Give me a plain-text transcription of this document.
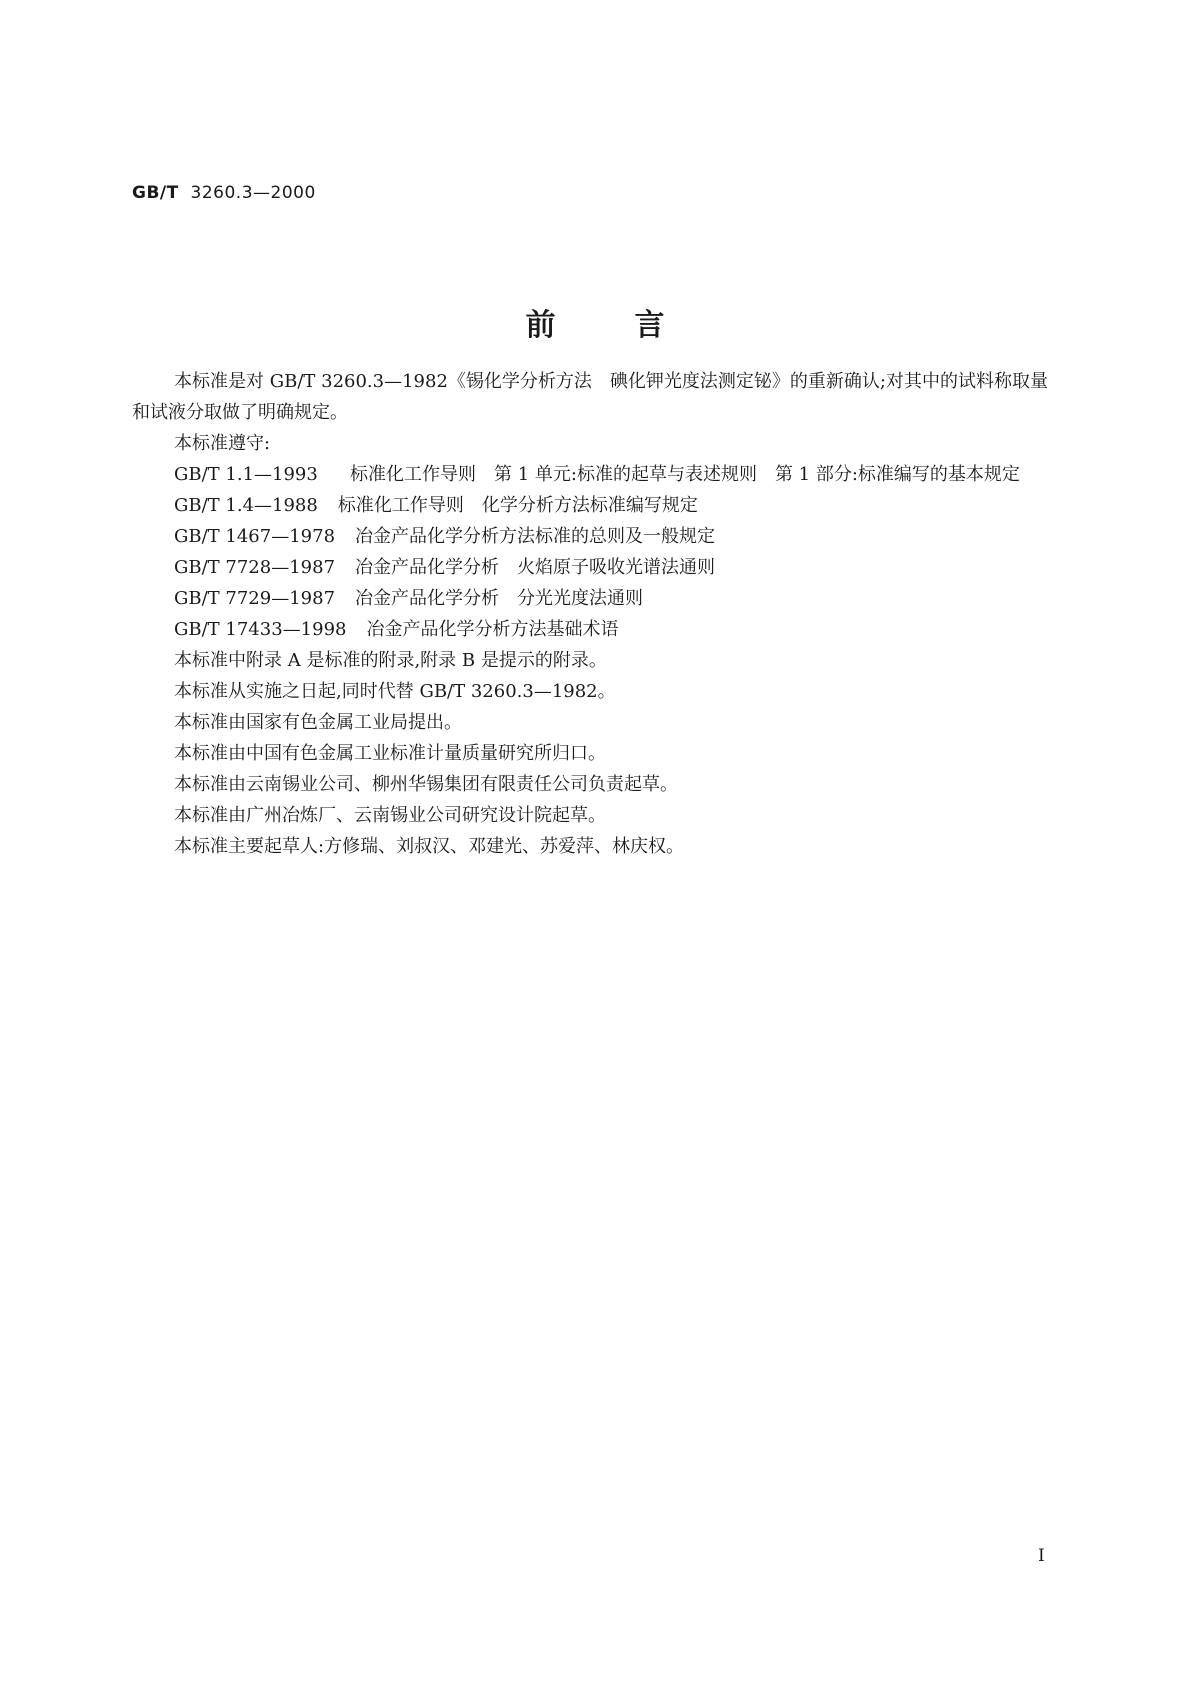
GB/T 3260.3—2000
前	言

本标准是对 GB/T 3260.3—1982《锡化学分析方法　碘化钾光度法测定铋》的重新确认;对其中的试料称取量和试液分取做了明确规定。

本标准遵守:

GB/T 1.1—1993	标准化工作导则　第 1 单元:标准的起草与表述规则　第 1 部分:标准编写的基本规定

GB/T 1.4—1988 标准化工作导则　化学分析方法标准编写规定

GB/T 1467—1978 冶金产品化学分析方法标准的总则及一般规定

GB/T 7728—1987 冶金产品化学分析　火焰原子吸收光谱法通则

GB/T 7729—1987 冶金产品化学分析　分光光度法通则

GB/T 17433—1998 冶金产品化学分析方法基础术语

本标准中附录 A 是标准的附录,附录 B 是提示的附录。

本标准从实施之日起,同时代替 GB/T 3260.3—1982。

本标准由国家有色金属工业局提出。

本标准由中国有色金属工业标准计量质量研究所归口。

本标准由云南锡业公司、柳州华锡集团有限责任公司负责起草。

本标准由广州冶炼厂、云南锡业公司研究设计院起草。

本标准主要起草人:方修瑞、刘叔汉、邓建光、苏爱萍、林庆权。

I
